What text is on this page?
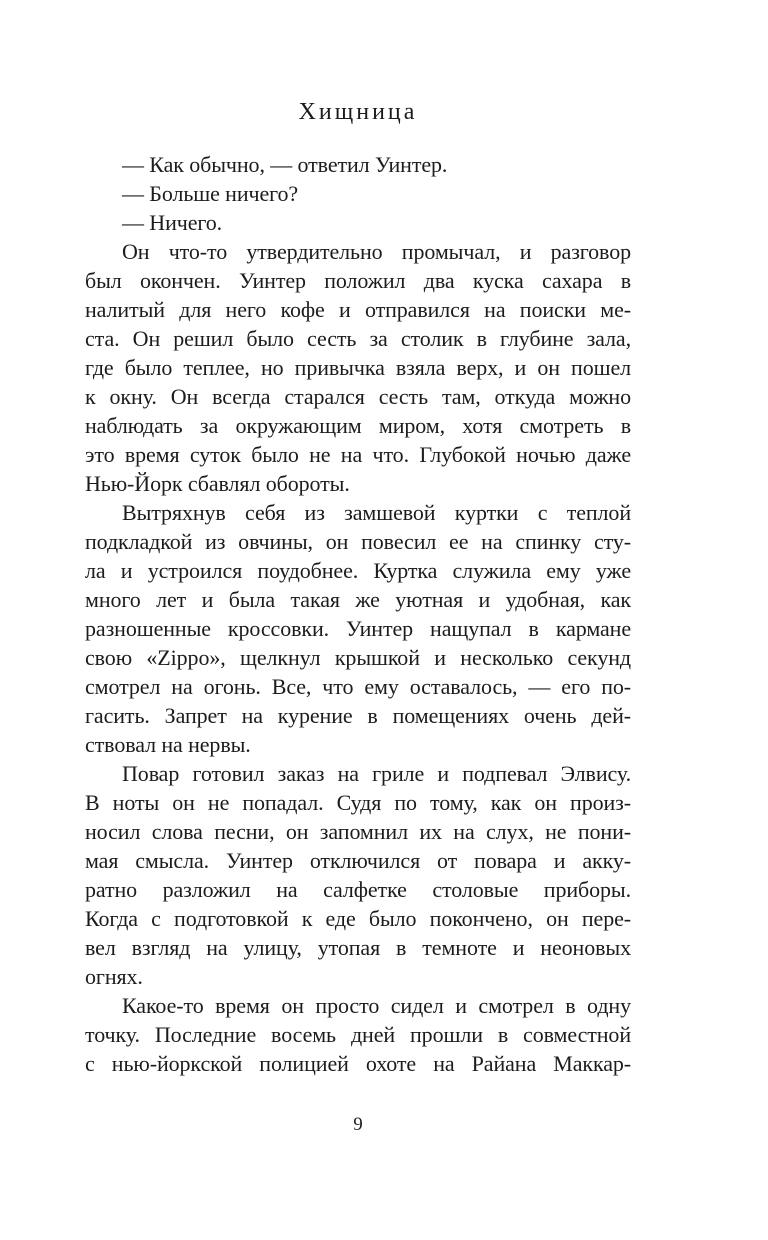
Хищница
— Как обычно, — ответил Уинтер.
— Больше ничего?
— Ничего.
Он что-то утвердительно промычал, и разговор
был окончен. Уинтер положил два куска сахара в
налитый для него кофе и отправился на поиски ме-
ста. Он решил было сесть за столик в глубине зала,
где было теплее, но привычка взяла верх, и он пошел
к окну. Он всегда старался сесть там, откуда можно
наблюдать за окружающим миром, хотя смотреть в
это время суток было не на что. Глубокой ночью даже
Нью-Йорк сбавлял обороты.
Вытряхнув себя из замшевой куртки с теплой
подкладкой из овчины, он повесил ее на спинку сту-
ла и устроился поудобнее. Куртка служила ему уже
много лет и была такая же уютная и удобная, как
разношенные кроссовки. Уинтер нащупал в кармане
свою «Zippo», щелкнул крышкой и несколько секунд
смотрел на огонь. Все, что ему оставалось, — его по-
гасить. Запрет на курение в помещениях очень дей-
ствовал на нервы.
Повар готовил заказ на гриле и подпевал Элвису.
В ноты он не попадал. Судя по тому, как он произ-
носил слова песни, он запомнил их на слух, не пони-
мая смысла. Уинтер отключился от повара и акку-
ратно разложил на салфетке столовые приборы.
Когда с подготовкой к еде было покончено, он пере-
вел взгляд на улицу, утопая в темноте и неоновых
огнях.
Какое-то время он просто сидел и смотрел в одну
точку. Последние восемь дней прошли в совместной
с нью-йоркской полицией охоте на Райана Маккар-
9
